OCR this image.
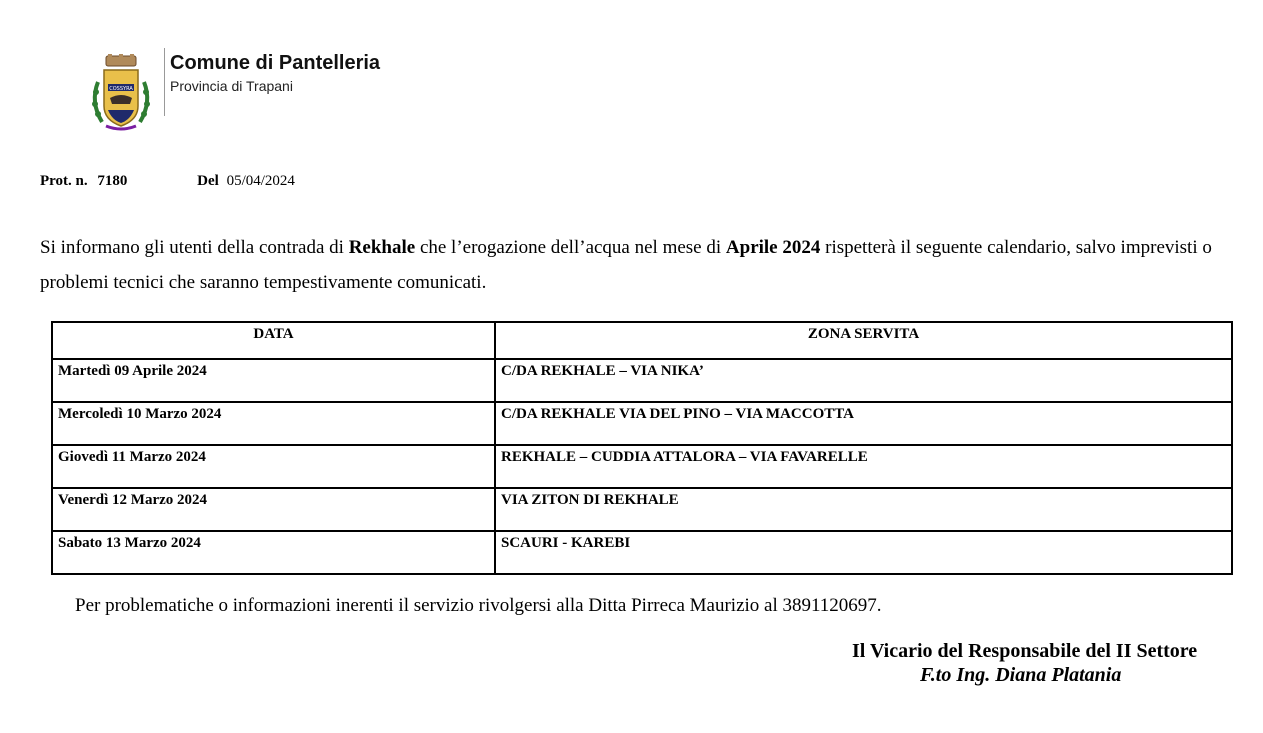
COSSYRA
Comune di Pantelleria
Provincia di Trapani
Prot. n. 7180	Del 05/04/2024

Si informano gli utenti della contrada di Rekhale che l’erogazione dell’acqua nel mese di Aprile 2024 rispetterà il seguente calendario, salvo imprevisti o problemi tecnici che saranno tempestivamente comunicati.

DATA	ZONA SERVITA
Martedì 09 Aprile 2024	C/DA REKHALE – VIA NIKA’
Mercoledì 10 Marzo 2024	C/DA REKHALE VIA DEL PINO – VIA MACCOTTA
Giovedì 11 Marzo 2024	REKHALE – CUDDIA ATTALORA – VIA FAVARELLE
Venerdì 12 Marzo 2024	VIA ZITON DI REKHALE
Sabato 13 Marzo 2024	SCAURI - KAREBI
Per problematiche o informazioni inerenti il servizio rivolgersi alla Ditta Pirreca Maurizio al 3891120697.
Il Vicario del Responsabile del II Settore
F.to Ing. Diana Platania
